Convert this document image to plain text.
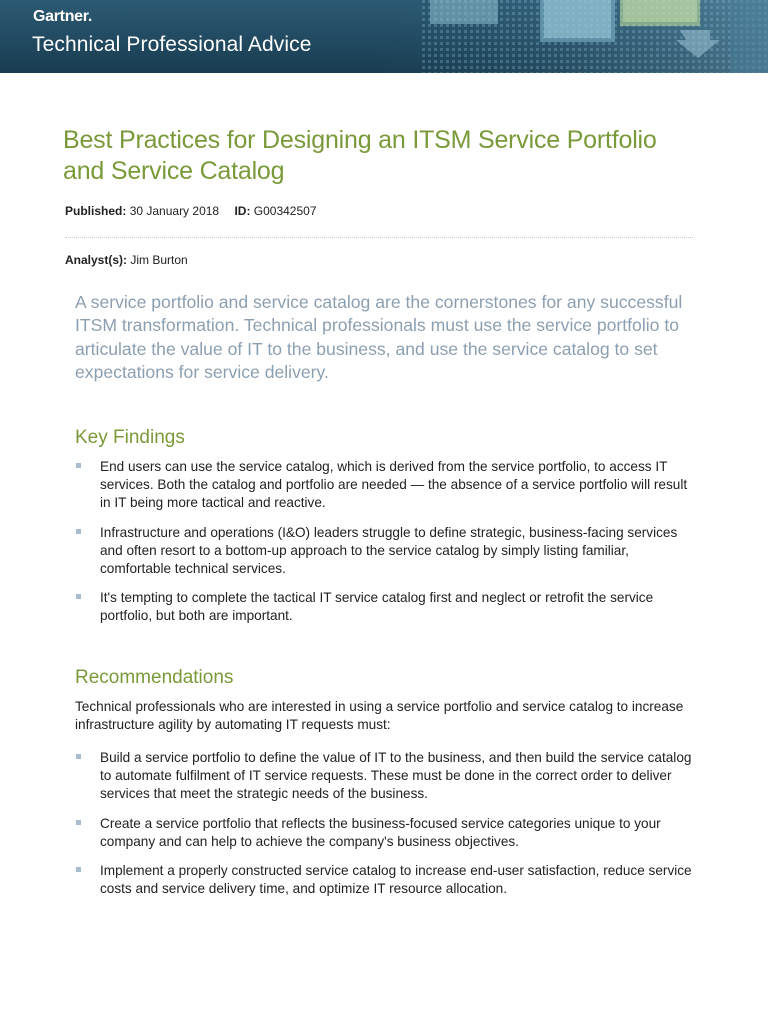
Gartner.
Technical Professional Advice
Best Practices for Designing an ITSM Service Portfolio and Service Catalog
Published: 30 January 2018 ID: G00342507
Analyst(s): Jim Burton

A service portfolio and service catalog are the cornerstones for any successful ITSM transformation. Technical professionals must use the service portfolio to articulate the value of IT to the business, and use the service catalog to set expectations for service delivery.

Key Findings
End users can use the service catalog, which is derived from the service portfolio, to access IT services. Both the catalog and portfolio are needed — the absence of a service portfolio will result in IT being more tactical and reactive.
Infrastructure and operations (I&O) leaders struggle to define strategic, business-facing services and often resort to a bottom-up approach to the service catalog by simply listing familiar, comfortable technical services.
It's tempting to complete the tactical IT service catalog first and neglect or retrofit the service portfolio, but both are important.
Recommendations

Technical professionals who are interested in using a service portfolio and service catalog to increase infrastructure agility by automating IT requests must:

Build a service portfolio to define the value of IT to the business, and then build the service catalog to automate fulfilment of IT service requests. These must be done in the correct order to deliver services that meet the strategic needs of the business.
Create a service portfolio that reflects the business-focused service categories unique to your company and can help to achieve the company's business objectives.
Implement a properly constructed service catalog to increase end-user satisfaction, reduce service costs and service delivery time, and optimize IT resource allocation.
